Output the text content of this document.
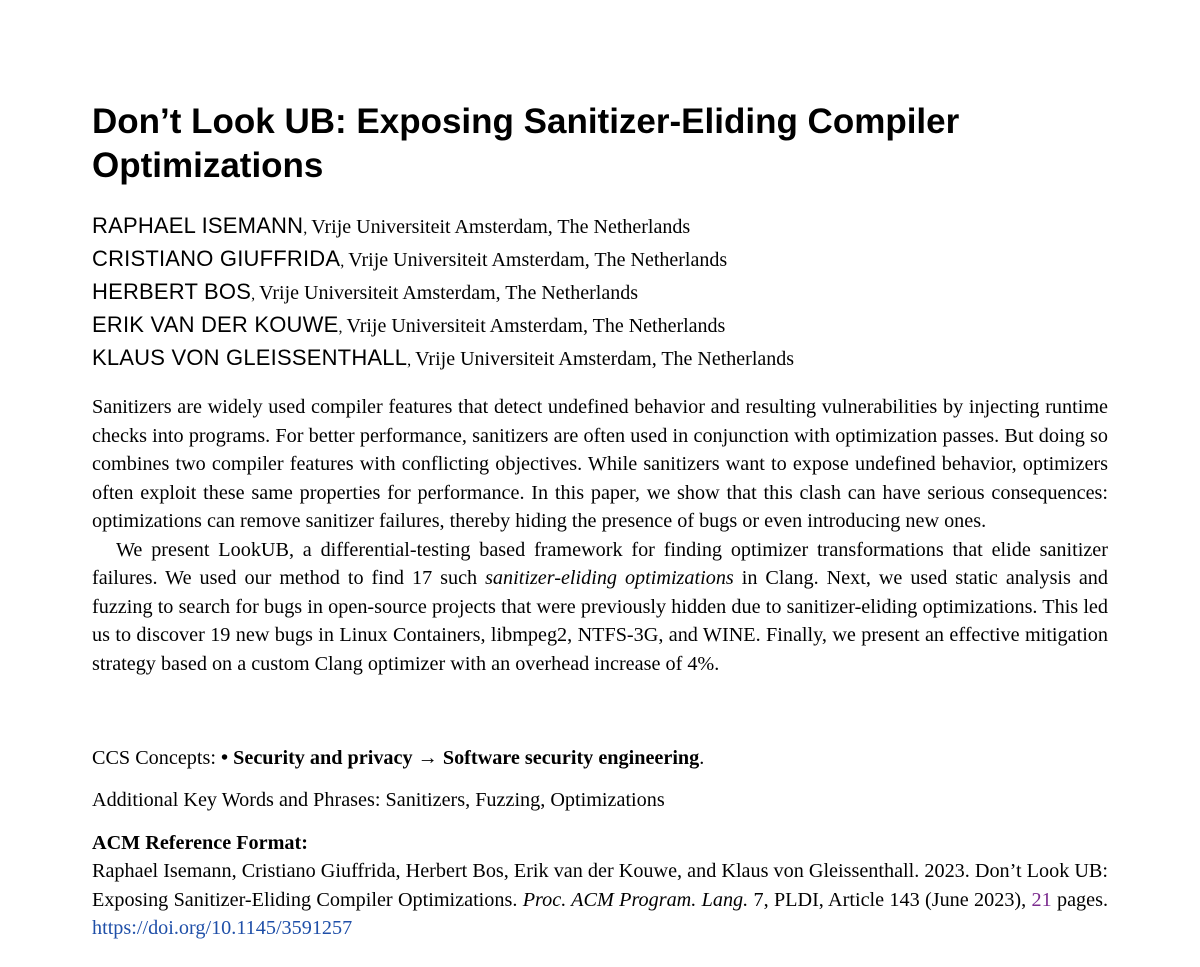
Don’t Look UB: Exposing Sanitizer-Eliding Compiler Optimizations
RAPHAEL ISEMANN, Vrije Universiteit Amsterdam, The Netherlands
CRISTIANO GIUFFRIDA, Vrije Universiteit Amsterdam, The Netherlands
HERBERT BOS, Vrije Universiteit Amsterdam, The Netherlands
ERIK VAN DER KOUWE, Vrije Universiteit Amsterdam, The Netherlands
KLAUS VON GLEISSENTHALL, Vrije Universiteit Amsterdam, The Netherlands

Sanitizers are widely used compiler features that detect undefined behavior and resulting vulnerabilities by injecting runtime checks into programs. For better performance, sanitizers are often used in conjunction with optimization passes. But doing so combines two compiler features with conflicting objectives. While sanitizers want to expose undefined behavior, optimizers often exploit these same properties for performance. In this paper, we show that this clash can have serious consequences: optimizations can remove sanitizer failures, thereby hiding the presence of bugs or even introducing new ones.

We present LookUB, a differential-testing based framework for finding optimizer transformations that elide sanitizer failures. We used our method to find 17 such sanitizer-eliding optimizations in Clang. Next, we used static analysis and fuzzing to search for bugs in open-source projects that were previously hidden due to sanitizer-eliding optimizations. This led us to discover 19 new bugs in Linux Containers, libmpeg2, NTFS-3G, and WINE. Finally, we present an effective mitigation strategy based on a custom Clang optimizer with an overhead increase of 4%.

CCS Concepts: • Security and privacy → Software security engineering.
Additional Key Words and Phrases: Sanitizers, Fuzzing, Optimizations
ACM Reference Format:
Raphael Isemann, Cristiano Giuffrida, Herbert Bos, Erik van der Kouwe, and Klaus von Gleissenthall. 2023. Don’t Look UB: Exposing Sanitizer-Eliding Compiler Optimizations. Proc. ACM Program. Lang. 7, PLDI, Article 143 (June 2023), 21 pages. https://doi.org/10.1145/3591257
